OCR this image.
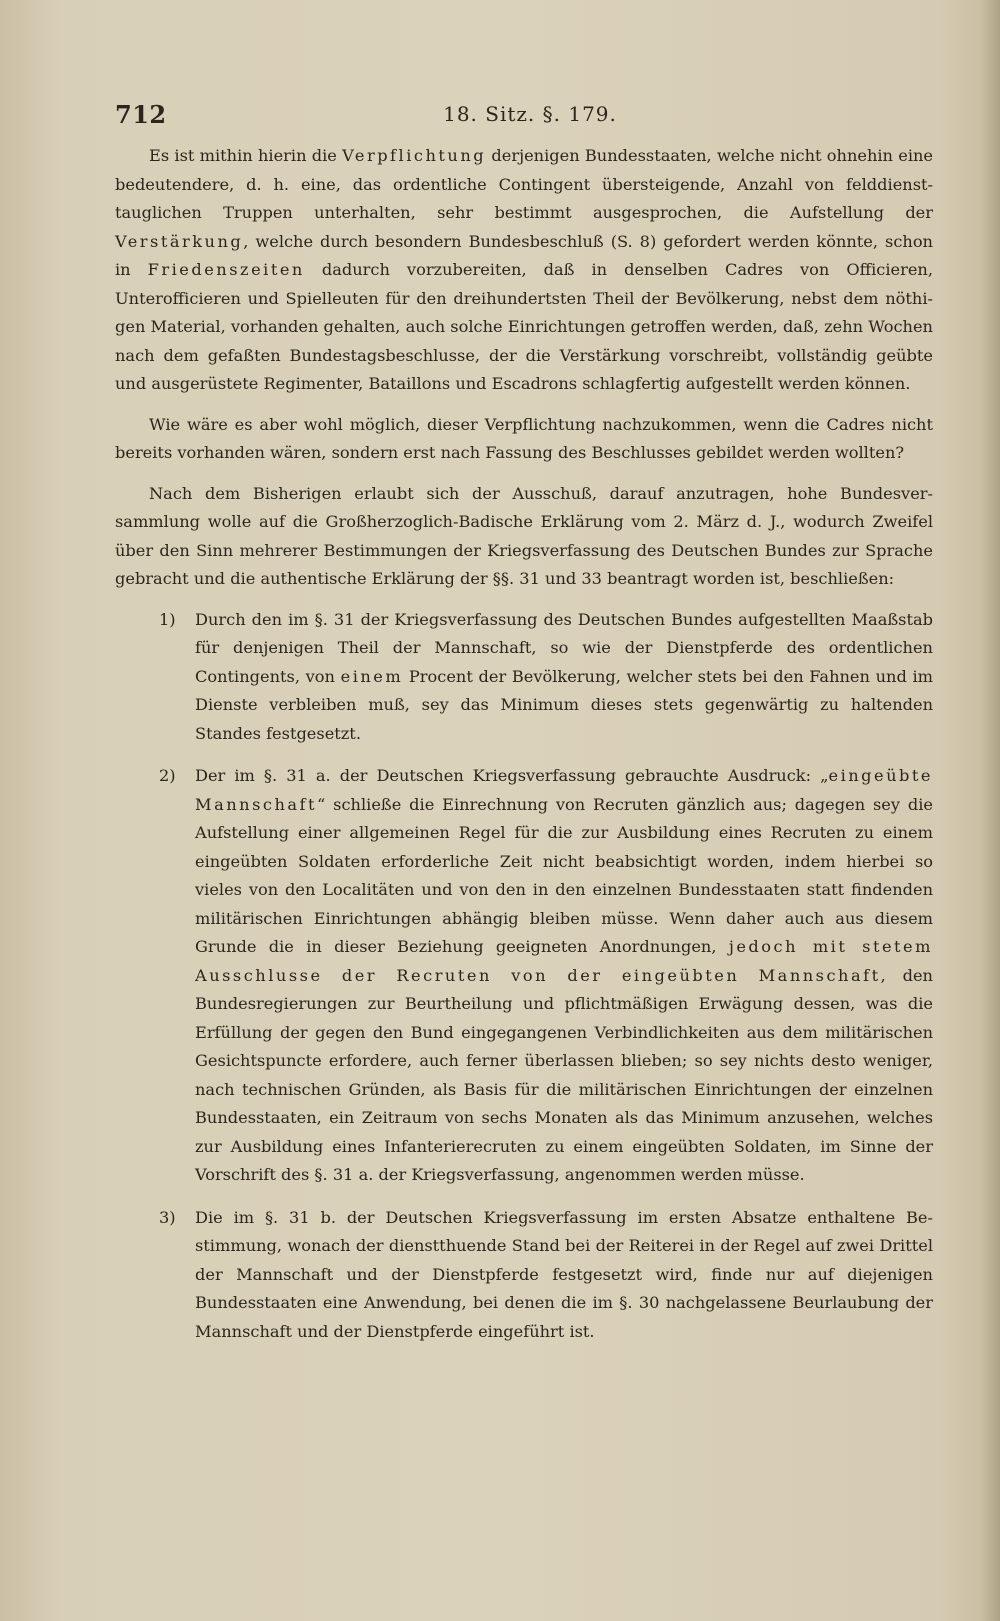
712	18. Sitz. §. 179.

Es ist mithin hierin die Verpflichtung derjenigen Bundesstaaten, welche nicht ohnehin eine bedeutendere, d. h. eine, das ordentliche Contingent übersteigende, Anzahl von felddiensttauglichen Truppen unterhalten, sehr bestimmt ausgesprochen, die Aufstellung der Verstärkung, welche durch besondern Bundesbeschluß (S. 8) gefordert werden könnte, schon in Friedenszeiten dadurch vorzubereiten, daß in denselben Cadres von Officieren, Unterofficieren und Spielleuten für den dreihundertsten Theil der Bevölkerung, nebst dem nöthigen Material, vorhanden gehalten, auch solche Einrichtungen getroffen werden, daß, zehn Wochen nach dem gefaßten Bundestagsbeschlusse, der die Verstärkung vorschreibt, vollständig geübte und ausgerüstete Regimenter, Bataillons und Escadrons schlagfertig aufgestellt werden können.

Wie wäre es aber wohl möglich, dieser Verpflichtung nachzukommen, wenn die Cadres nicht bereits vorhanden wären, sondern erst nach Fassung des Beschlusses gebildet werden wollten?

Nach dem Bisherigen erlaubt sich der Ausschuß, darauf anzutragen, hohe Bundesversammlung wolle auf die Großherzoglich-Badische Erklärung vom 2. März d. J., wodurch Zweifel über den Sinn mehrerer Bestimmungen der Kriegsverfassung des Deutschen Bundes zur Sprache gebracht und die authentische Erklärung der §§. 31 und 33 beantragt worden ist, beschließen:

1) Durch den im §. 31 der Kriegsverfassung des Deutschen Bundes aufgestellten Maaßstab für denjenigen Theil der Mannschaft, so wie der Dienstpferde des ordentlichen Contingents, von einem Procent der Bevölkerung, welcher stets bei den Fahnen und im Dienste verbleiben muß, sey das Minimum dieses stets gegenwärtig zu haltenden Standes festgesetzt.
2) Der im §. 31 a. der Deutschen Kriegsverfassung gebrauchte Ausdruck: „eingeübte Mannschaft“ schließe die Einrechnung von Recruten gänzlich aus; dagegen sey die Aufstellung einer allgemeinen Regel für die zur Ausbildung eines Recruten zu einem eingeübten Soldaten erforderliche Zeit nicht beabsichtigt worden, indem hierbei so vieles von den Localitäten und von den in den einzelnen Bundesstaaten statt findenden militärischen Einrichtungen abhängig bleiben müsse. Wenn daher auch aus diesem Grunde die in dieser Beziehung geeigneten Anordnungen, jedoch mit stetem Ausschlusse der Recruten von der eingeübten Mannschaft, den Bundesregierungen zur Beurtheilung und pflichtmäßigen Erwägung dessen, was die Erfüllung der gegen den Bund eingegangenen Verbindlichkeiten aus dem militärischen Gesichtspuncte erfordere, auch ferner überlassen blieben; so sey nichts desto weniger, nach technischen Gründen, als Basis für die militärischen Einrichtungen der einzelnen Bundesstaaten, ein Zeitraum von sechs Monaten als das Minimum anzusehen, welches zur Ausbildung eines Infanterierecruten zu einem eingeübten Soldaten, im Sinne der Vorschrift des §. 31 a. der Kriegsverfassung, angenommen werden müsse.
3) Die im §. 31 b. der Deutschen Kriegsverfassung im ersten Absatze enthaltene Bestimmung, wonach der dienstthuende Stand bei der Reiterei in der Regel auf zwei Drittel der Mannschaft und der Dienstpferde festgesetzt wird, finde nur auf diejenigen Bundesstaaten eine Anwendung, bei denen die im §. 30 nachgelassene Beurlaubung der Mannschaft und der Dienstpferde eingeführt ist.
